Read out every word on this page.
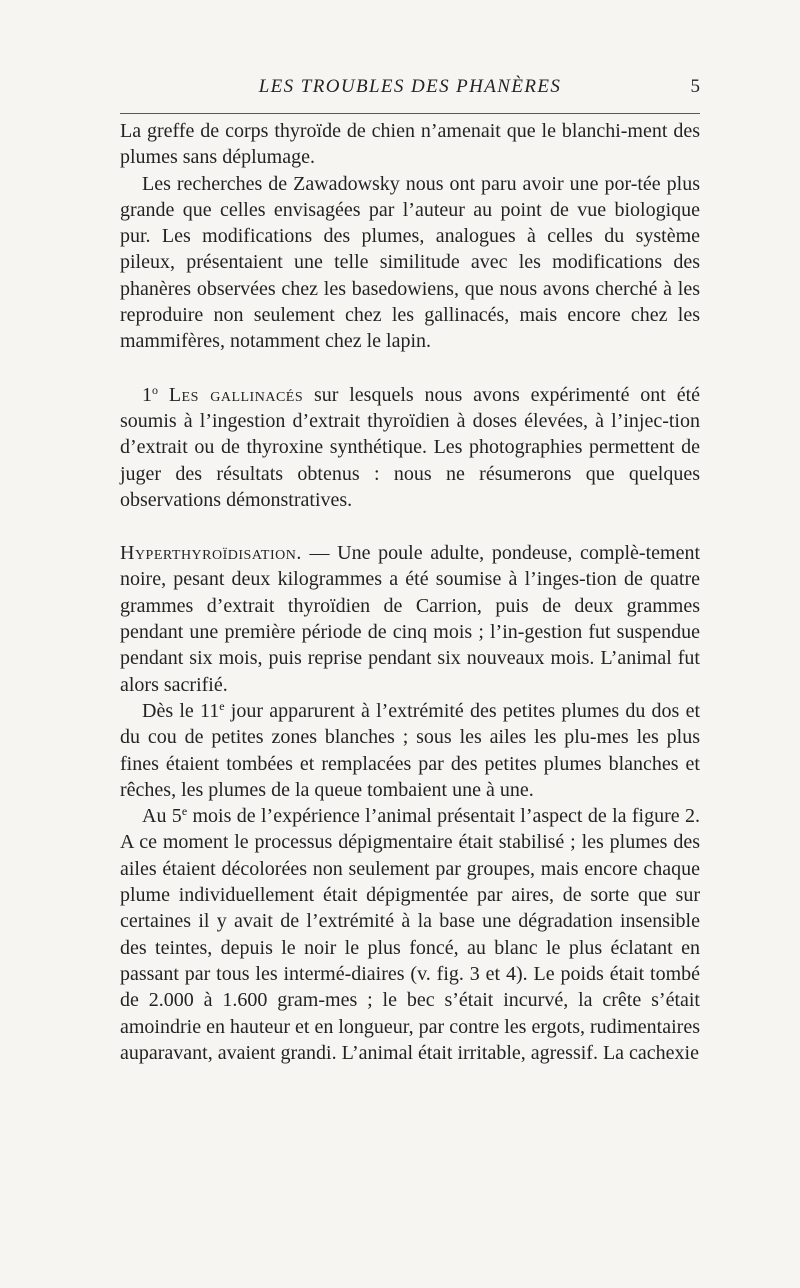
LES TROUBLES DES PHANÈRES	5

La greffe de corps thyroïde de chien n’amenait que le blanchi-ment des plumes sans déplumage.

Les recherches de Zawadowsky nous ont paru avoir une por-tée plus grande que celles envisagées par l’auteur au point de vue biologique pur. Les modifications des plumes, analogues à celles du système pileux, présentaient une telle similitude avec les modifications des phanères observées chez les basedowiens, que nous avons cherché à les reproduire non seulement chez les gallinacés, mais encore chez les mammifères, notamment chez le lapin.

1$^o$ Les gallinacés sur lesquels nous avons expérimenté ont été soumis à l’ingestion d’extrait thyroïdien à doses élevées, à l’injec-tion d’extrait ou de thyroxine synthétique. Les photographies permettent de juger des résultats obtenus : nous ne résumerons que quelques observations démonstratives.

Hyperthyroïdisation. — Une poule adulte, pondeuse, complè-tement noire, pesant deux kilogrammes a été soumise à l’inges-tion de quatre grammes d’extrait thyroïdien de Carrion, puis de deux grammes pendant une première période de cinq mois ; l’in-gestion fut suspendue pendant six mois, puis reprise pendant six nouveaux mois. L’animal fut alors sacrifié.

Dès le 11e jour apparurent à l’extrémité des petites plumes du dos et du cou de petites zones blanches ; sous les ailes les plu-mes les plus fines étaient tombées et remplacées par des petites plumes blanches et rêches, les plumes de la queue tombaient une à une.

Au 5e mois de l’expérience l’animal présentait l’aspect de la figure 2. A ce moment le processus dépigmentaire était stabilisé ; les plumes des ailes étaient décolorées non seulement par groupes, mais encore chaque plume individuellement était dépigmentée par aires, de sorte que sur certaines il y avait de l’extrémité à la base une dégradation insensible des teintes, depuis le noir le plus foncé, au blanc le plus éclatant en passant par tous les intermé-diaires (v. fig. 3 et 4). Le poids était tombé de 2.000 à 1.600 gram-mes ; le bec s’était incurvé, la crête s’était amoindrie en hauteur et en longueur, par contre les ergots, rudimentaires auparavant, avaient grandi. L’animal était irritable, agressif. La cachexie
